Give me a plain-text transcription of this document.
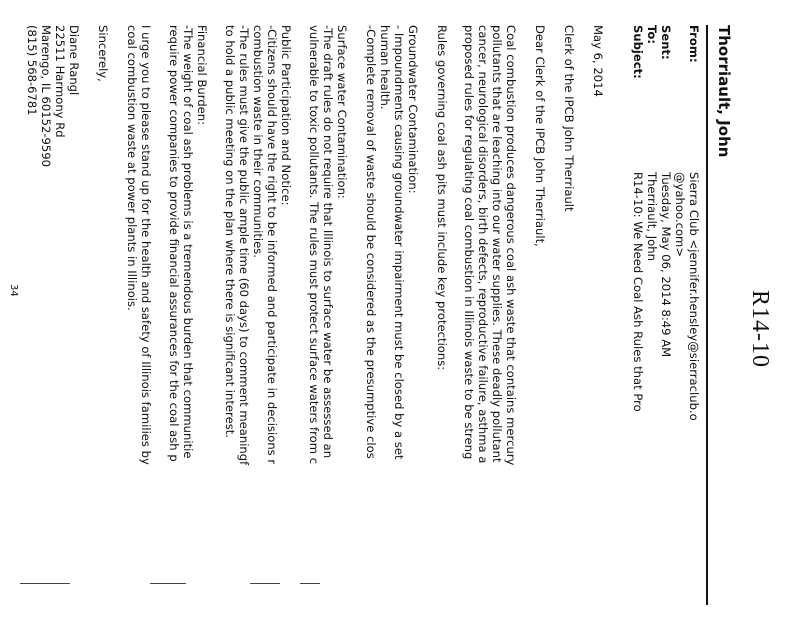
R14-10
Thorriault, John
From:
Sierra Club <jennifer.hensley@sierraclub.o
@yahoo.com>
Sent:
Tuesday, May 06, 2014 8:49 AM
To:
Therriault, John
Subject:
R14-10: We Need Coal Ash Rules that Pro
May 6, 2014
Clerk of the IPCB John Therriault
Dear Clerk of the IPCB John Therriault,
Coal combustion produces dangerous coal ash waste that contains mercury
pollutants that are leaching into our water supplies. These deadly pollutant
cancer, neurological disorders, birth defects, reproductive failure, asthma a
proposed rules for regulating coal combustion in Illinois waste to be streng
Rules governing coal ash pits must include key protections:
Groundwater Contamination:
- Impoundments causing groundwater impairment must be closed by a set
human health.
-Complete removal of waste should be considered as the presumptive clos
Surface water Contamination:
-The draft rules do not require that Illinois to surface water be assessed an
vulnerable to toxic pollutants. The rules must protect surface waters from c
Public Participation and Notice:
-Citizens should have the right to be informed and participate in decisions r
combustion waste in their communities.
-The rules must give the public ample time (60 days) to comment meaningf
to hold a public meeting on the plan where there is significant interest.
Financial Burden:
-The weight of coal ash problems is a tremendous burden that communitie
require power companies to provide financial assurances for the coal ash p
I urge you to please stand up for the health and safety of Illinois families by
coal combustion waste at power plants in Illinois.
Sincerely,
Diane Rangl
22511 Harmony Rd
Marengo, IL 60152-9590
(815) 568-6781
34
